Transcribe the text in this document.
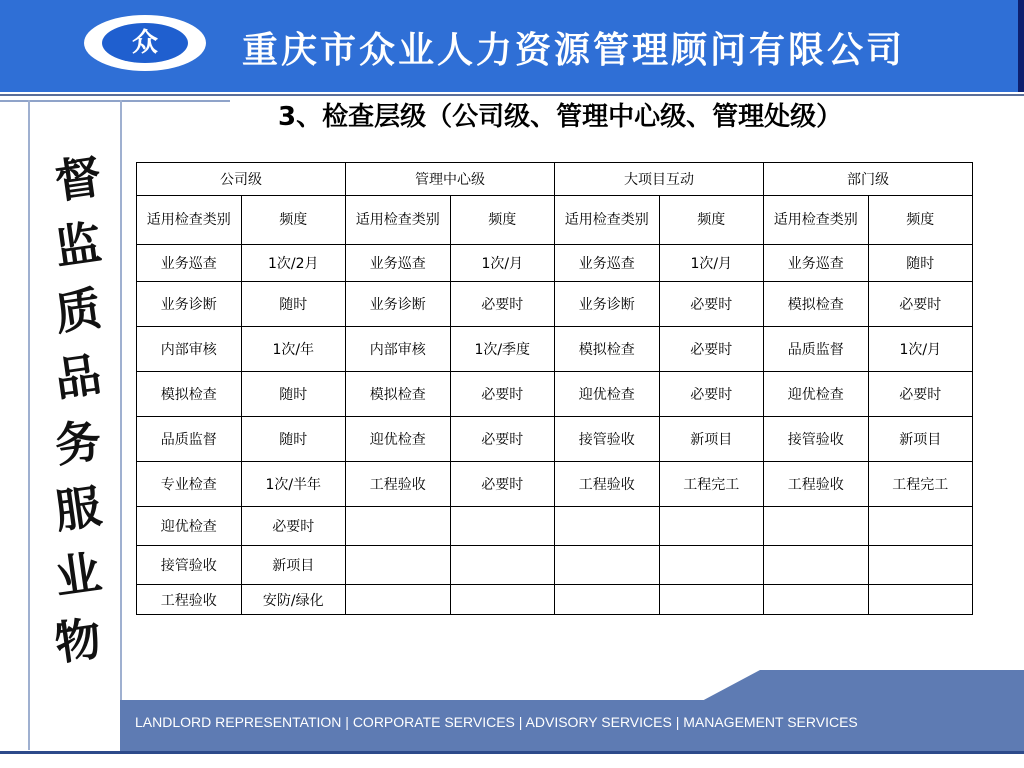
众	重庆市众业人力资源管理顾问有限公司
督
监
质
品
务
服
业
物
3、检查层级（公司级、管理中心级、管理处级）
公司级		管理中心级		大项目互动		部门级	
适用检查类别	频度	适用检查类别	频度	适用检查类别	频度	适用检查类别	频度
业务巡查	1次/2月	业务巡查	1次/月	业务巡查	1次/月	业务巡查	随时
业务诊断	随时	业务诊断	必要时	业务诊断	必要时	模拟检查	必要时
内部审核	1次/年	内部审核	1次/季度	模拟检查	必要时	品质监督	1次/月
模拟检查	随时	模拟检查	必要时	迎优检查	必要时	迎优检查	必要时
品质监督	随时	迎优检查	必要时	接管验收	新项目	接管验收	新项目
专业检查	1次/半年	工程验收	必要时	工程验收	工程完工	工程验收	工程完工
迎优检查	必要时						
接管验收	新项目						
工程验收	安防/绿化						
LANDLORD REPRESENTATION | CORPORATE SERVICES | ADVISORY SERVICES | MANAGEMENT SERVICES
